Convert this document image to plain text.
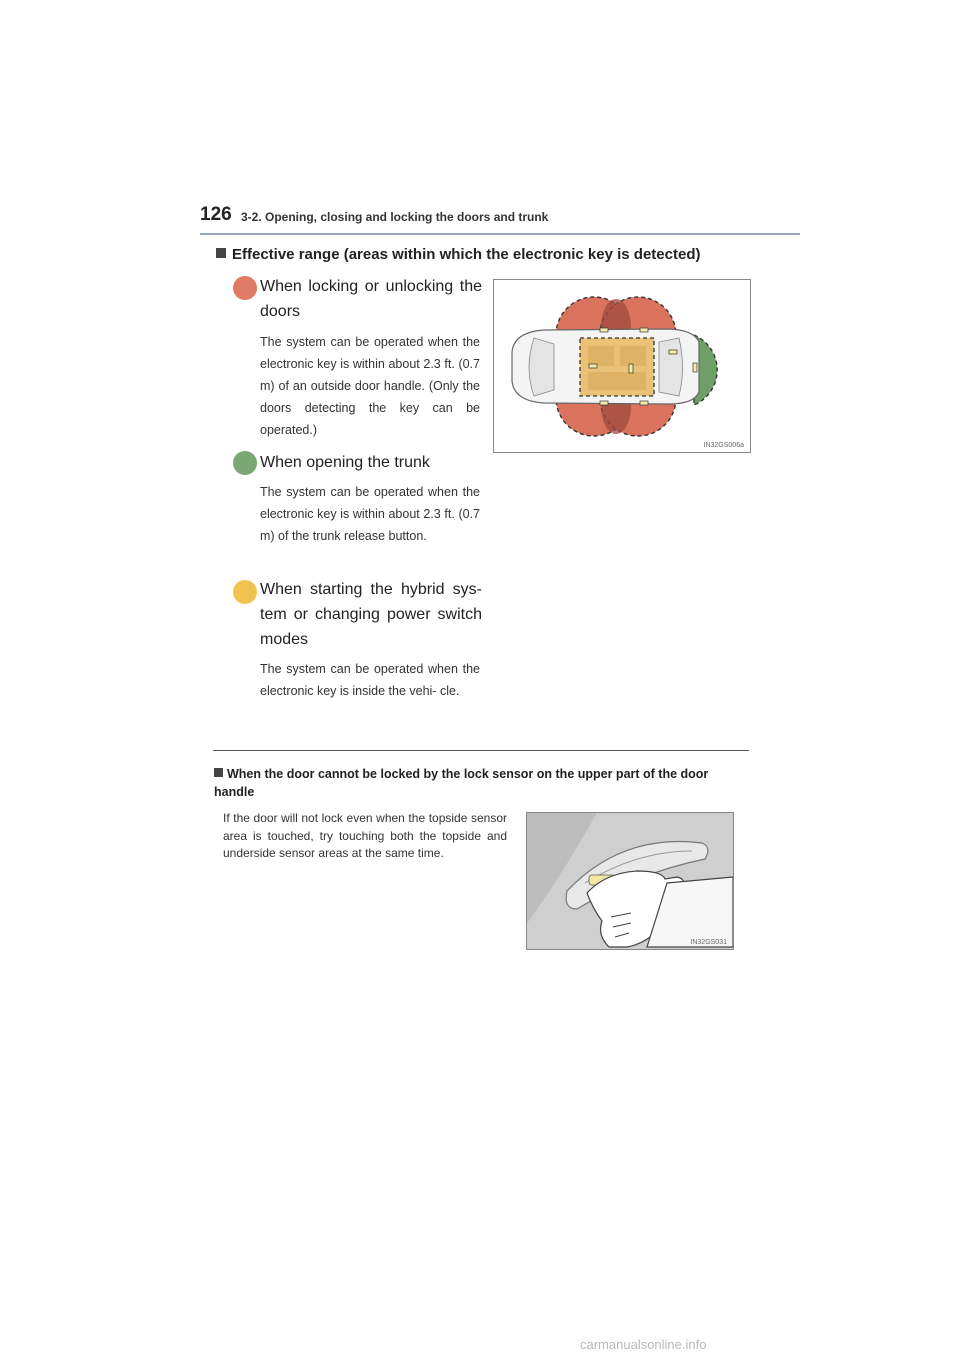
126 3-2. Opening, closing and locking the doors and trunk
Effective range (areas within which the electronic key is detected)
When locking or unlocking the doors
The system can be operated when the electronic key is within about 2.3 ft. (0.7 m) of an outside door handle. (Only the doors detecting the key can be operated.)
When opening the trunk
The system can be operated when the electronic key is within about 2.3 ft. (0.7 m) of the trunk release button.
When starting the hybrid sys- tem or changing power switch modes
The system can be operated when the electronic key is inside the vehi- cle.
IN32GS006a
When the door cannot be locked by the lock sensor on the upper part of the door handle
If the door will not lock even when the topside sensor area is touched, try touching both the topside and underside sensor areas at the same time.
IN32GS031
carmanualsonline.info
